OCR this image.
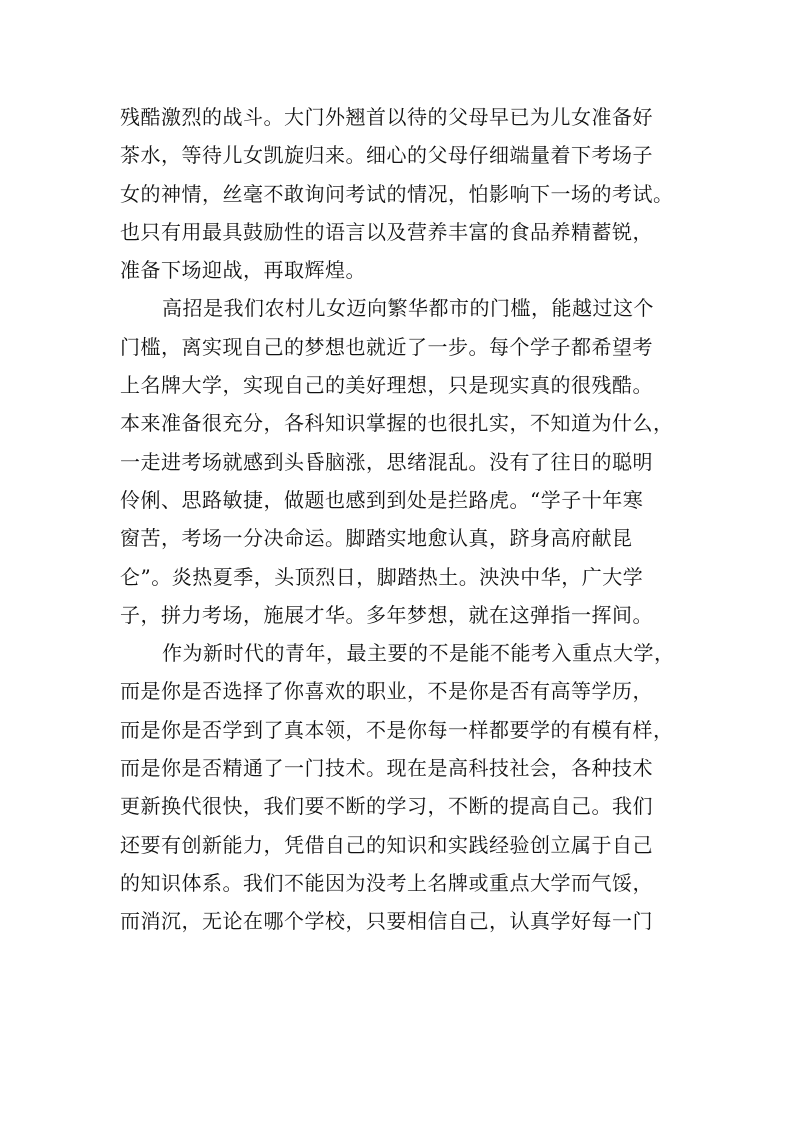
残酷激烈的战斗。大门外翘首以待的父母早已为儿女准备好
茶水，等待儿女凯旋归来。细心的父母仔细端量着下考场子
女的神情，丝毫不敢询问考试的情况，怕影响下一场的考试。
也只有用最具鼓励性的语言以及营养丰富的食品养精蓄锐，
准备下场迎战，再取辉煌。
高招是我们农村儿女迈向繁华都市的门槛，能越过这个
门槛，离实现自己的梦想也就近了一步。每个学子都希望考
上名牌大学，实现自己的美好理想，只是现实真的很残酷。
本来准备很充分，各科知识掌握的也很扎实，不知道为什么，
一走进考场就感到头昏脑涨，思绪混乱。没有了往日的聪明
伶俐、思路敏捷，做题也感到到处是拦路虎。“学子十年寒
窗苦，考场一分决命运。脚踏实地愈认真，跻身高府献昆
仑”。炎热夏季，头顶烈日，脚踏热土。泱泱中华，广大学
子，拼力考场，施展才华。多年梦想，就在这弹指一挥间。
作为新时代的青年，最主要的不是能不能考入重点大学，
而是你是否选择了你喜欢的职业，不是你是否有高等学历，
而是你是否学到了真本领，不是你每一样都要学的有模有样，
而是你是否精通了一门技术。现在是高科技社会，各种技术
更新换代很快，我们要不断的学习，不断的提高自己。我们
还要有创新能力，凭借自己的知识和实践经验创立属于自己
的知识体系。我们不能因为没考上名牌或重点大学而气馁，
而消沉，无论在哪个学校，只要相信自己，认真学好每一门
